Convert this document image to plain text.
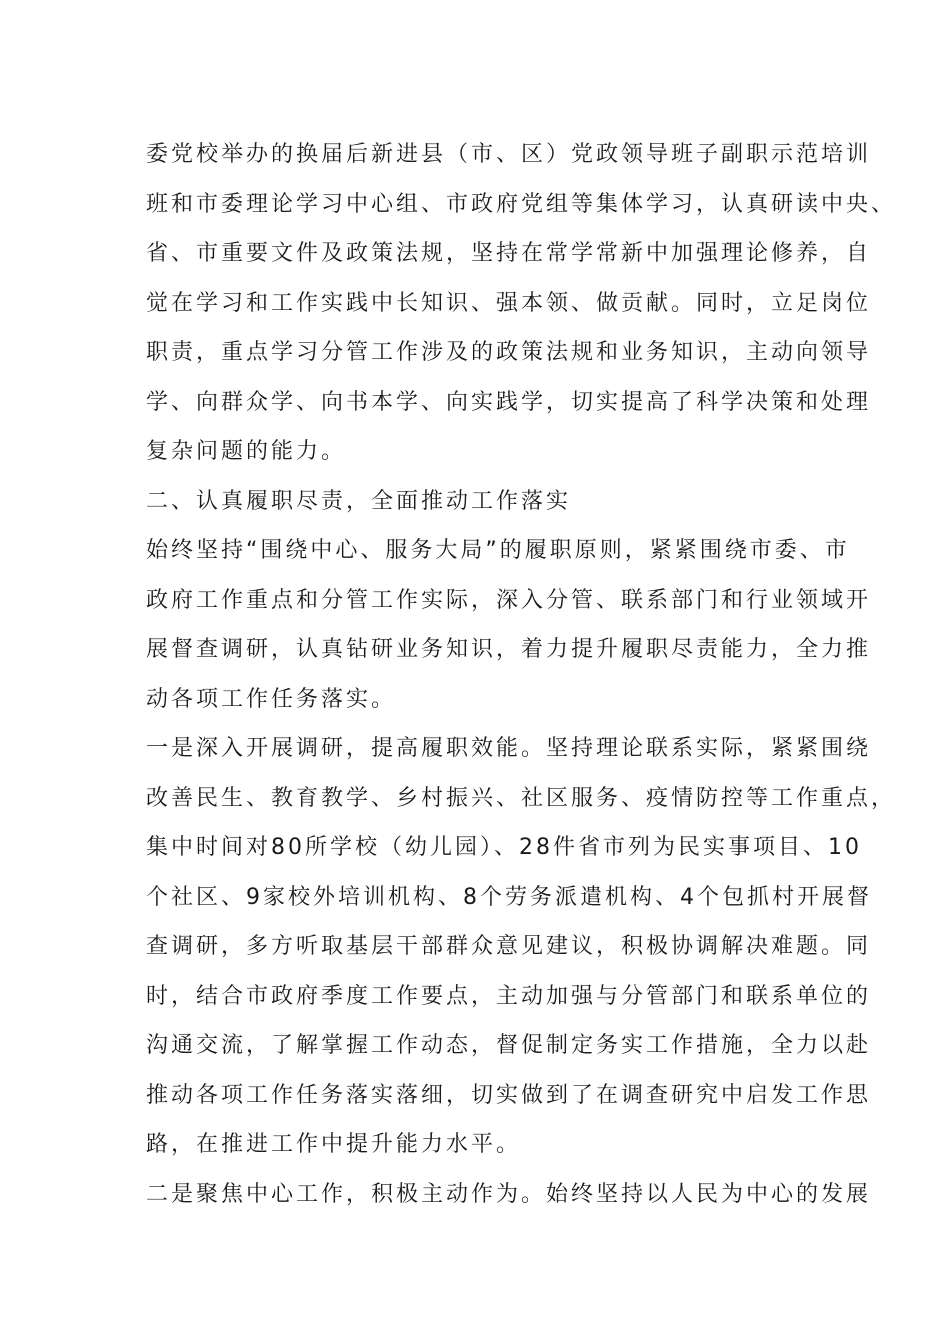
委党校举办的换届后新进县（市、区）党政领导班子副职示范培训
班和市委理论学习中心组、市政府党组等集体学习，认真研读中央、
省、市重要文件及政策法规，坚持在常学常新中加强理论修养，自
觉在学习和工作实践中长知识、强本领、做贡献。同时，立足岗位
职责，重点学习分管工作涉及的政策法规和业务知识，主动向领导
学、向群众学、向书本学、向实践学，切实提高了科学决策和处理
复杂问题的能力。
二、认真履职尽责，全面推动工作落实
始终坚持“围绕中心、服务大局”的履职原则，紧紧围绕市委、市
政府工作重点和分管工作实际，深入分管、联系部门和行业领域开
展督查调研，认真钻研业务知识，着力提升履职尽责能力，全力推
动各项工作任务落实。
一是深入开展调研，提高履职效能。坚持理论联系实际，紧紧围绕
改善民生、教育教学、乡村振兴、社区服务、疫情防控等工作重点，
集中时间对80所学校（幼儿园）、28件省市列为民实事项目、10
个社区、9家校外培训机构、8个劳务派遣机构、4个包抓村开展督
查调研，多方听取基层干部群众意见建议，积极协调解决难题。同
时，结合市政府季度工作要点，主动加强与分管部门和联系单位的
沟通交流，了解掌握工作动态，督促制定务实工作措施，全力以赴
推动各项工作任务落实落细，切实做到了在调查研究中启发工作思
路，在推进工作中提升能力水平。
二是聚焦中心工作，积极主动作为。始终坚持以人民为中心的发展
